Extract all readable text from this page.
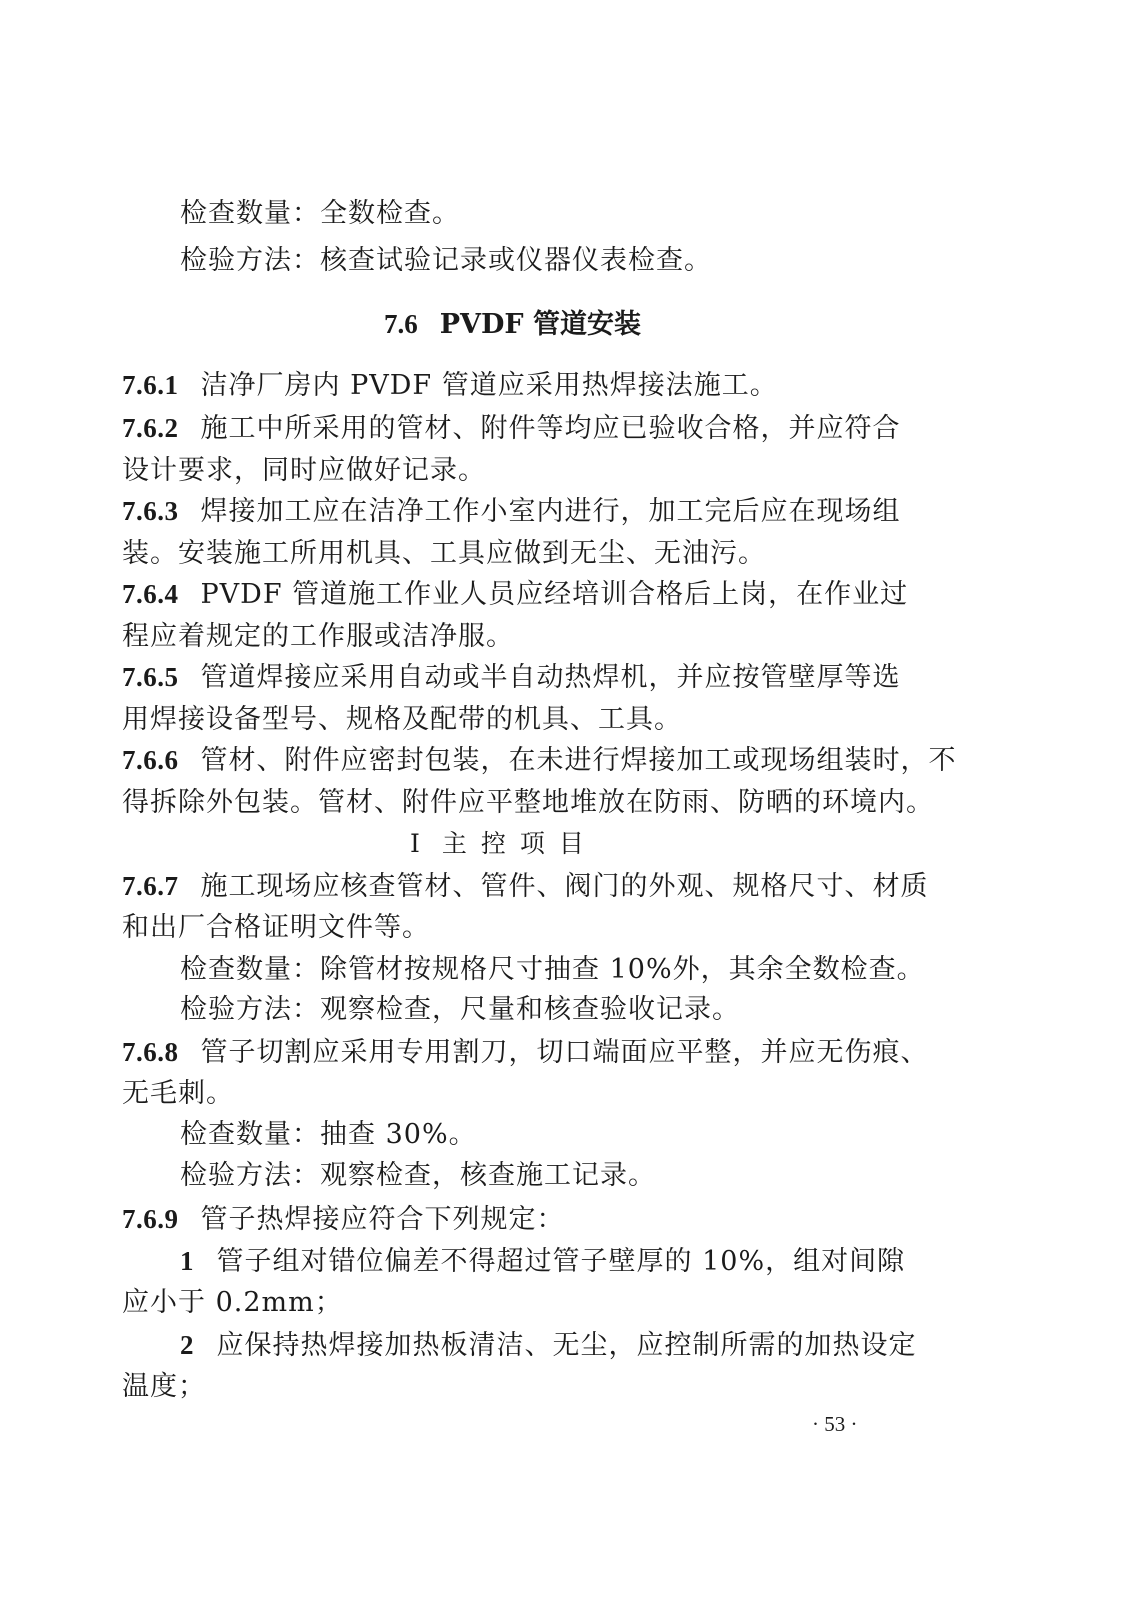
检查数量：全数检查。
检验方法：核查试验记录或仪器仪表检查。
7.6 PVDF 管道安装
7.6.1 洁净厂房内 PVDF 管道应采用热焊接法施工。
7.6.2 施工中所采用的管材、附件等均应已验收合格，并应符合
设计要求，同时应做好记录。
7.6.3 焊接加工应在洁净工作小室内进行，加工完后应在现场组
装。安装施工所用机具、工具应做到无尘、无油污。
7.6.4 PVDF 管道施工作业人员应经培训合格后上岗，在作业过
程应着规定的工作服或洁净服。
7.6.5 管道焊接应采用自动或半自动热焊机，并应按管壁厚等选
用焊接设备型号、规格及配带的机具、工具。
7.6.6 管材、附件应密封包装，在未进行焊接加工或现场组装时，不
得拆除外包装。管材、附件应平整地堆放在防雨、防晒的环境内。
Ⅰ 主控项目
7.6.7 施工现场应核查管材、管件、阀门的外观、规格尺寸、材质
和出厂合格证明文件等。
检查数量：除管材按规格尺寸抽查 10%外，其余全数检查。
检验方法：观察检查，尺量和核查验收记录。
7.6.8 管子切割应采用专用割刀，切口端面应平整，并应无伤痕、
无毛刺。
检查数量：抽查 30%。
检验方法：观察检查，核查施工记录。
7.6.9 管子热焊接应符合下列规定：
1 管子组对错位偏差不得超过管子壁厚的 10%，组对间隙
应小于 0.2mm；
2 应保持热焊接加热板清洁、无尘，应控制所需的加热设定
温度；
· 53 ·
